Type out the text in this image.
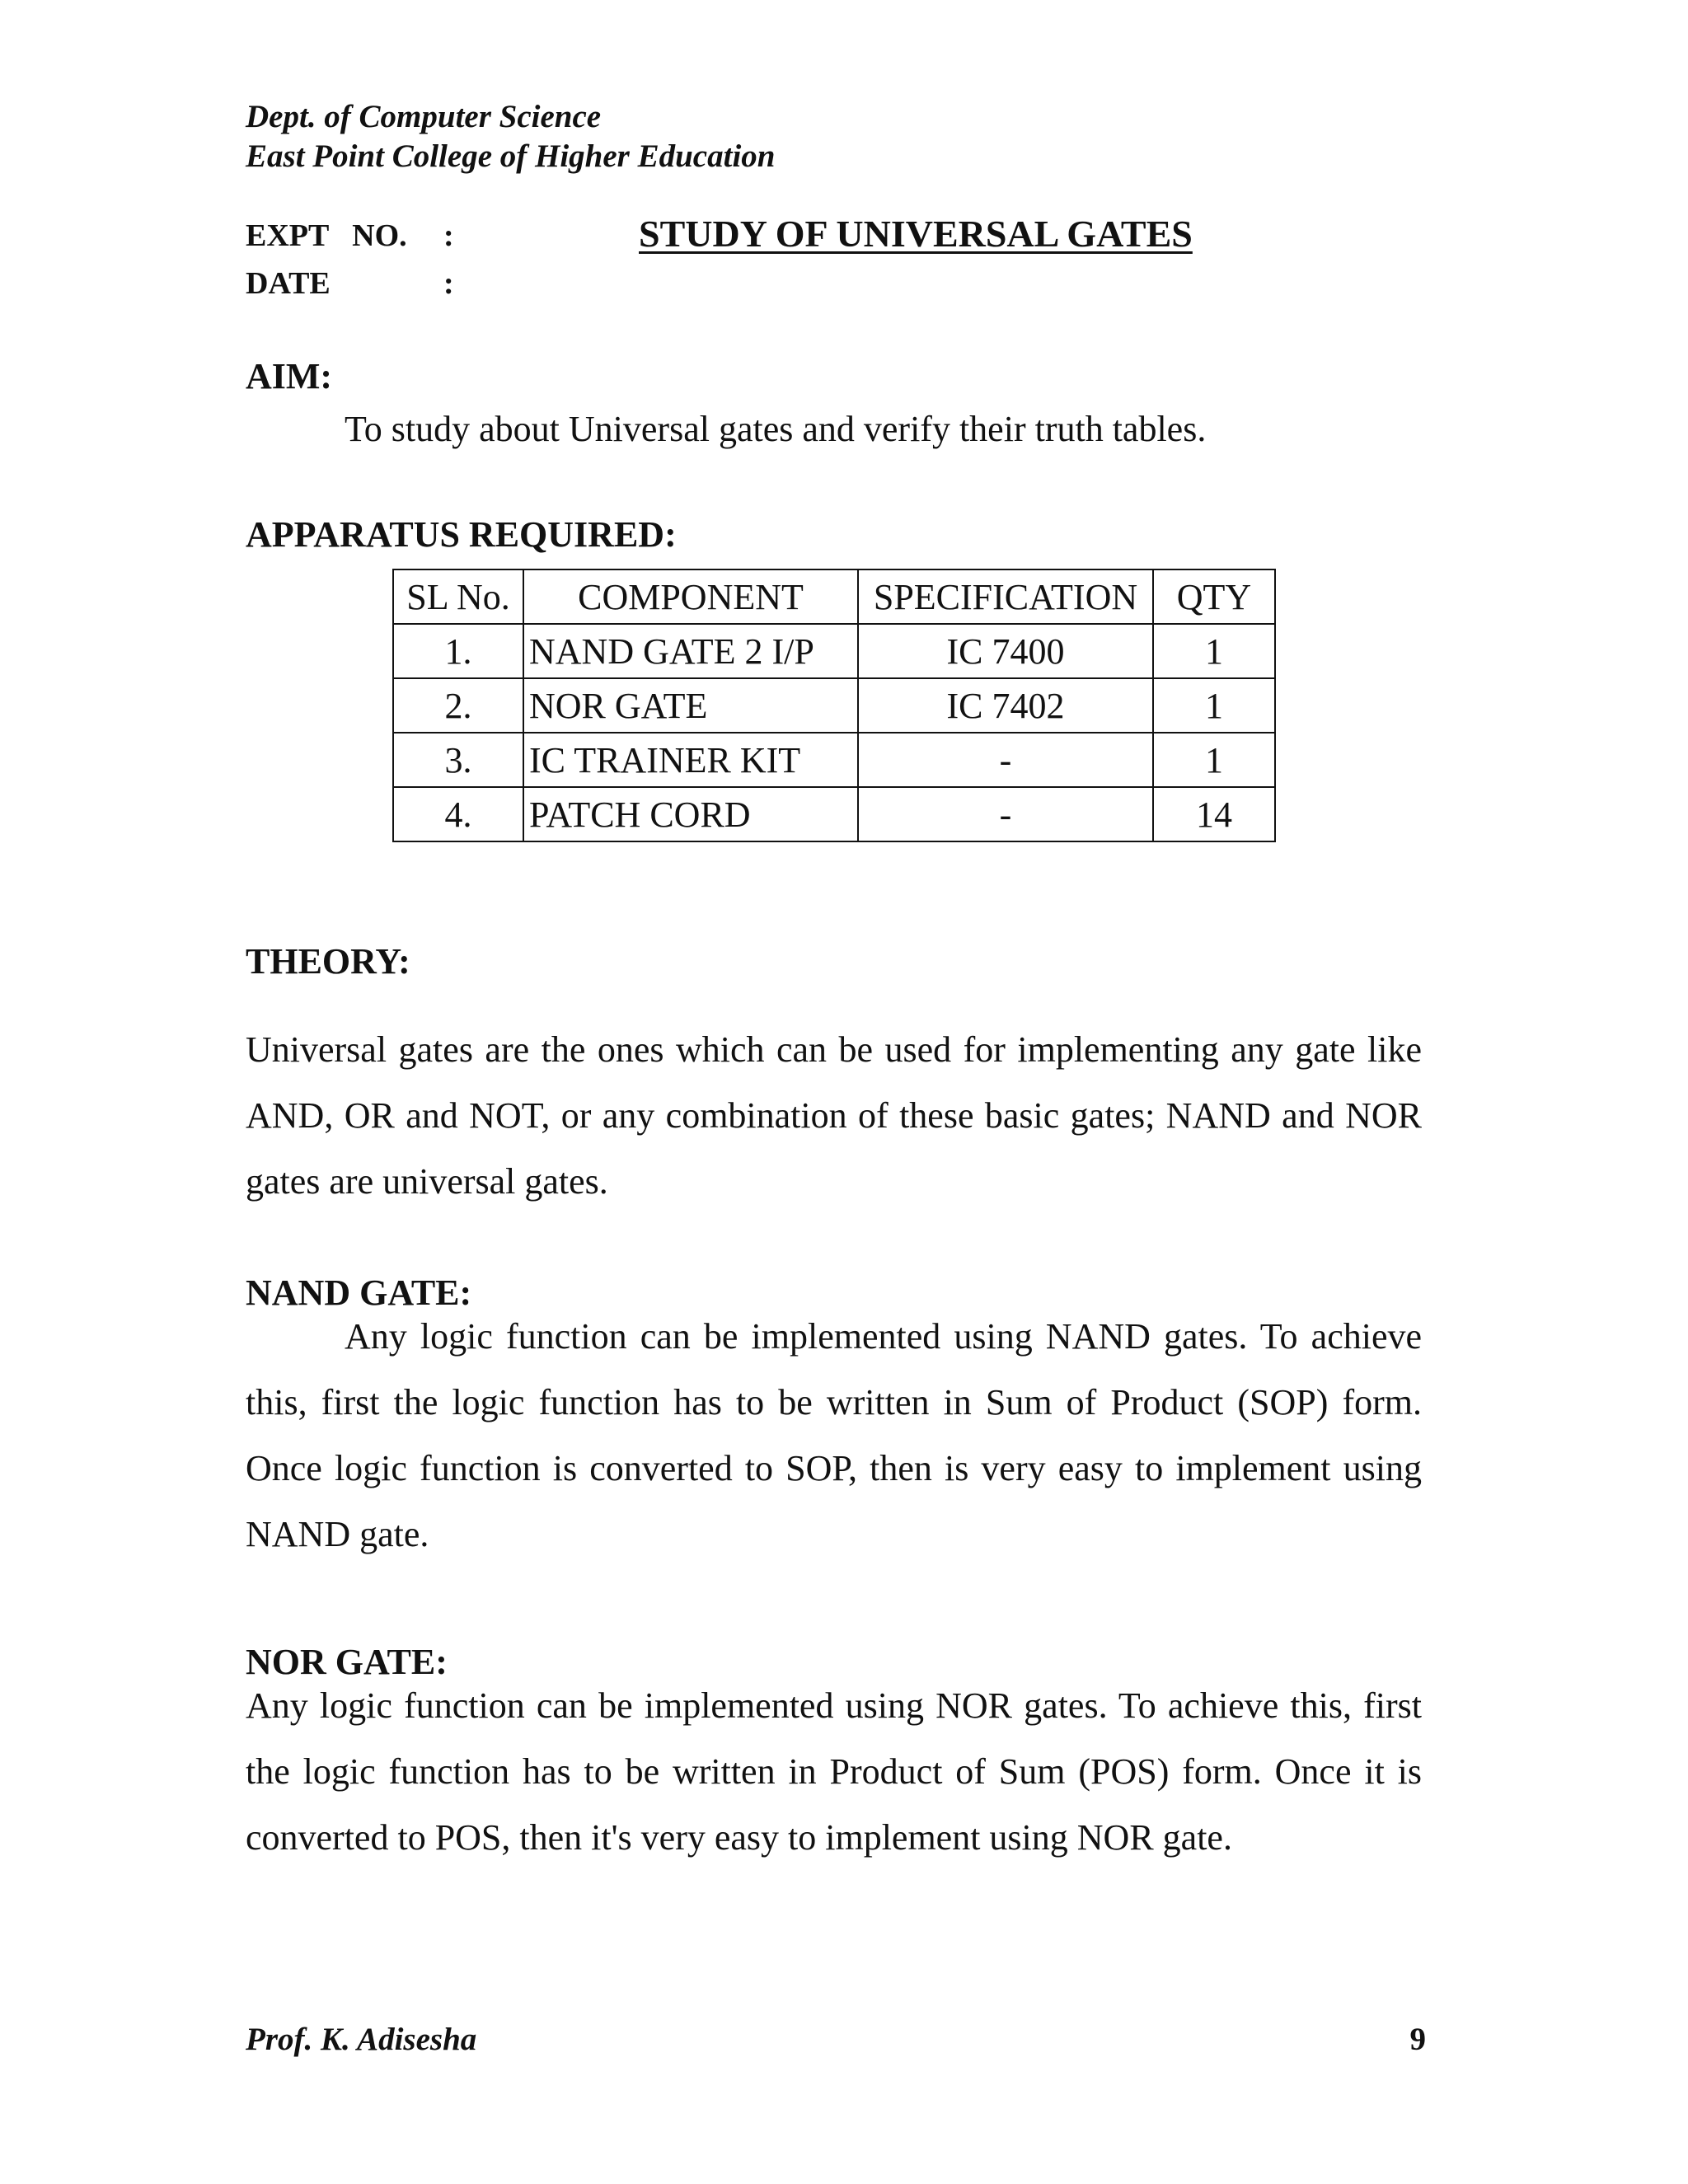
Dept. of Computer Science
East Point College of Higher Education
EXPT   NO. :
DATE	:
STUDY OF UNIVERSAL GATES
AIM:
To study about Universal gates and verify their truth tables.
APPARATUS REQUIRED:
SL No.	COMPONENT	SPECIFICATION	QTY
1.	NAND GATE 2 I/P	IC 7400	1
2.	NOR GATE	IC 7402	1
3.	IC TRAINER KIT	-	1
4.	PATCH CORD	-	14
THEORY:
Universal gates are the ones which can be used for implementing any gate like AND, OR and NOT, or any combination of these basic gates; NAND and NOR gates are universal gates.
NAND GATE:
Any logic function can be implemented using NAND gates. To achieve this, first the logic function has to be written in Sum of Product (SOP) form. Once logic function is converted to SOP, then is very easy to implement using NAND gate.
NOR GATE:
Any logic function can be implemented using NOR gates. To achieve this, first the logic function has to be written in Product of Sum (POS) form. Once it is converted to POS, then it's very easy to implement using NOR gate.
Prof. K. Adisesha	9
